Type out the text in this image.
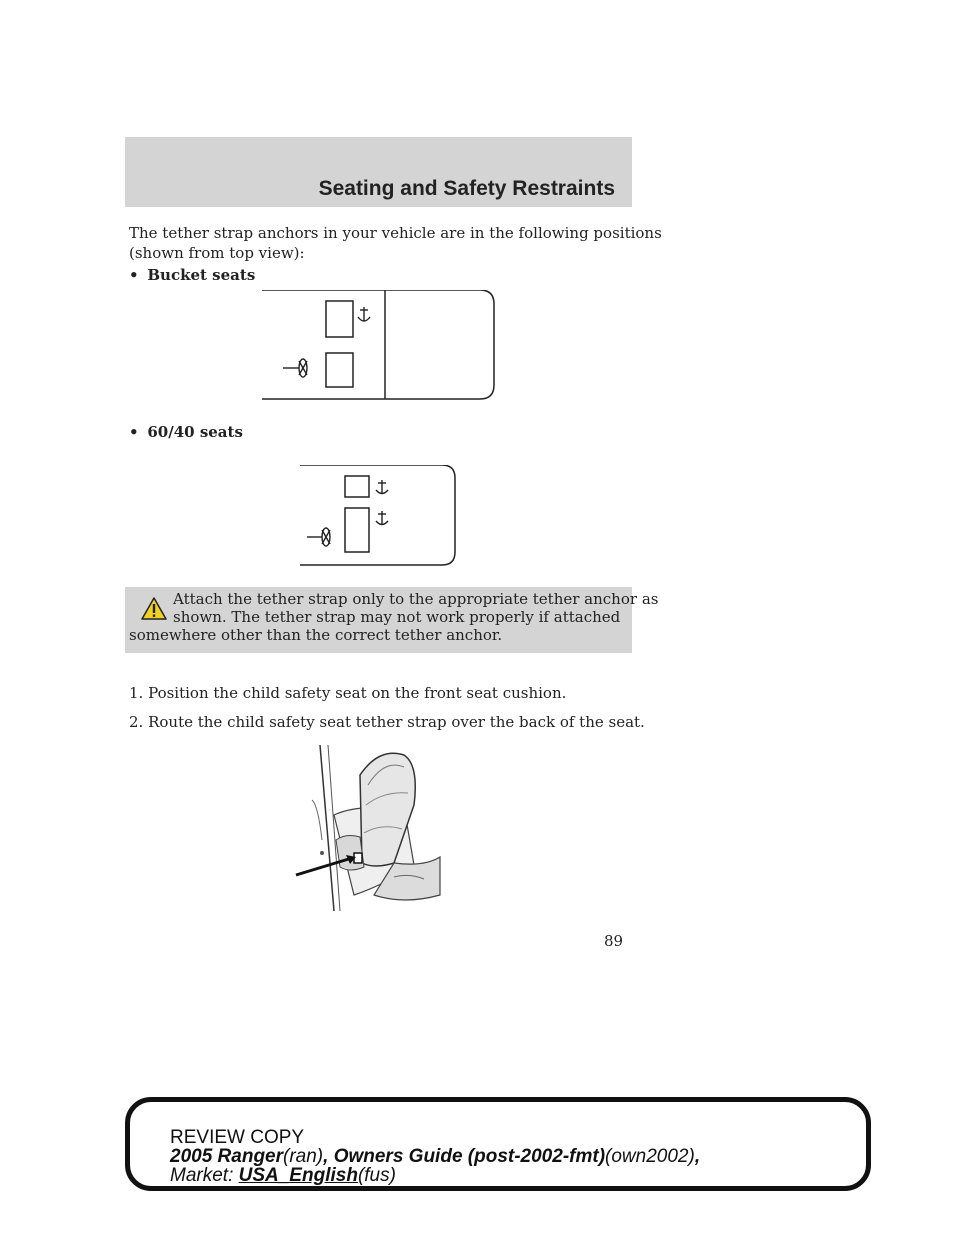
Seating and Safety Restraints

The tether strap anchors in your vehicle are in the following positions

(shown from top view):

• Bucket seats
• 60/40 seats
Attach the tether strap only to the appropriate tether anchor as
shown. The tether strap may not work properly if attached
somewhere other than the correct tether anchor.

1. Position the child safety seat on the front seat cushion.

2. Route the child safety seat tether strap over the back of the seat.

89
REVIEW COPY
2005 Ranger(ran), Owners Guide (post-2002-fmt)(own2002),
Market: USA_English(fus)
